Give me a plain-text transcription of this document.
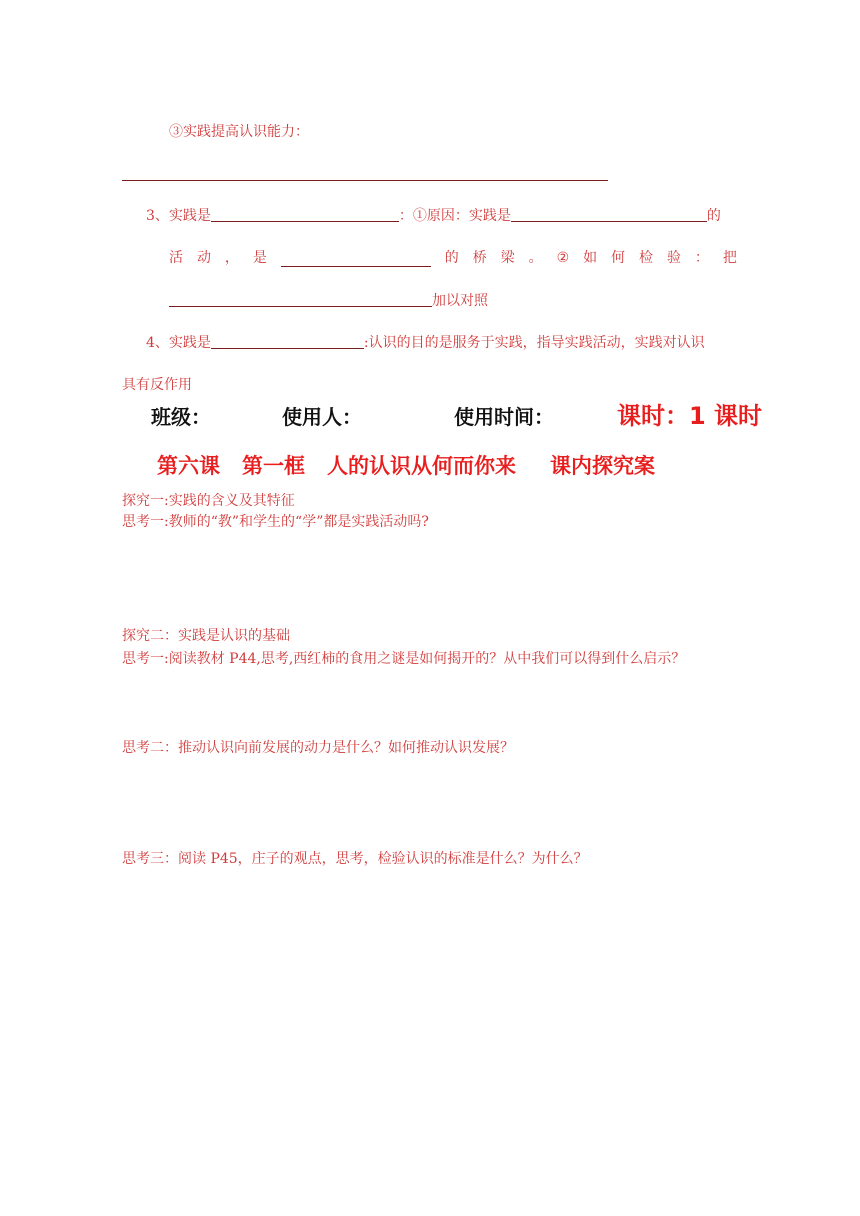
③实践提高认识能力：
3、实践是	：①原因：实践是	的
活 动 ， 是	的 桥 梁 。 ② 如 何 检 验 ： 把
加以对照
4、实践是	:认识的目的是服务于实践，指导实践活动，实践对认识
具有反作用
班级：	使用人：	使用时间：	课时：1 课时
第六课 第一框 人的认识从何而你来 课内探究案
探究一:实践的含义及其特征
思考一:教师的“教”和学生的“学”都是实践活动吗?
探究二：实践是认识的基础
思考一:阅读教材 P44,思考,西红柿的食用之谜是如何揭开的？从中我们可以得到什么启示？
思考二：推动认识向前发展的动力是什么？如何推动认识发展？
思考三：阅读 P45，庄子的观点，思考，检验认识的标准是什么？为什么？
